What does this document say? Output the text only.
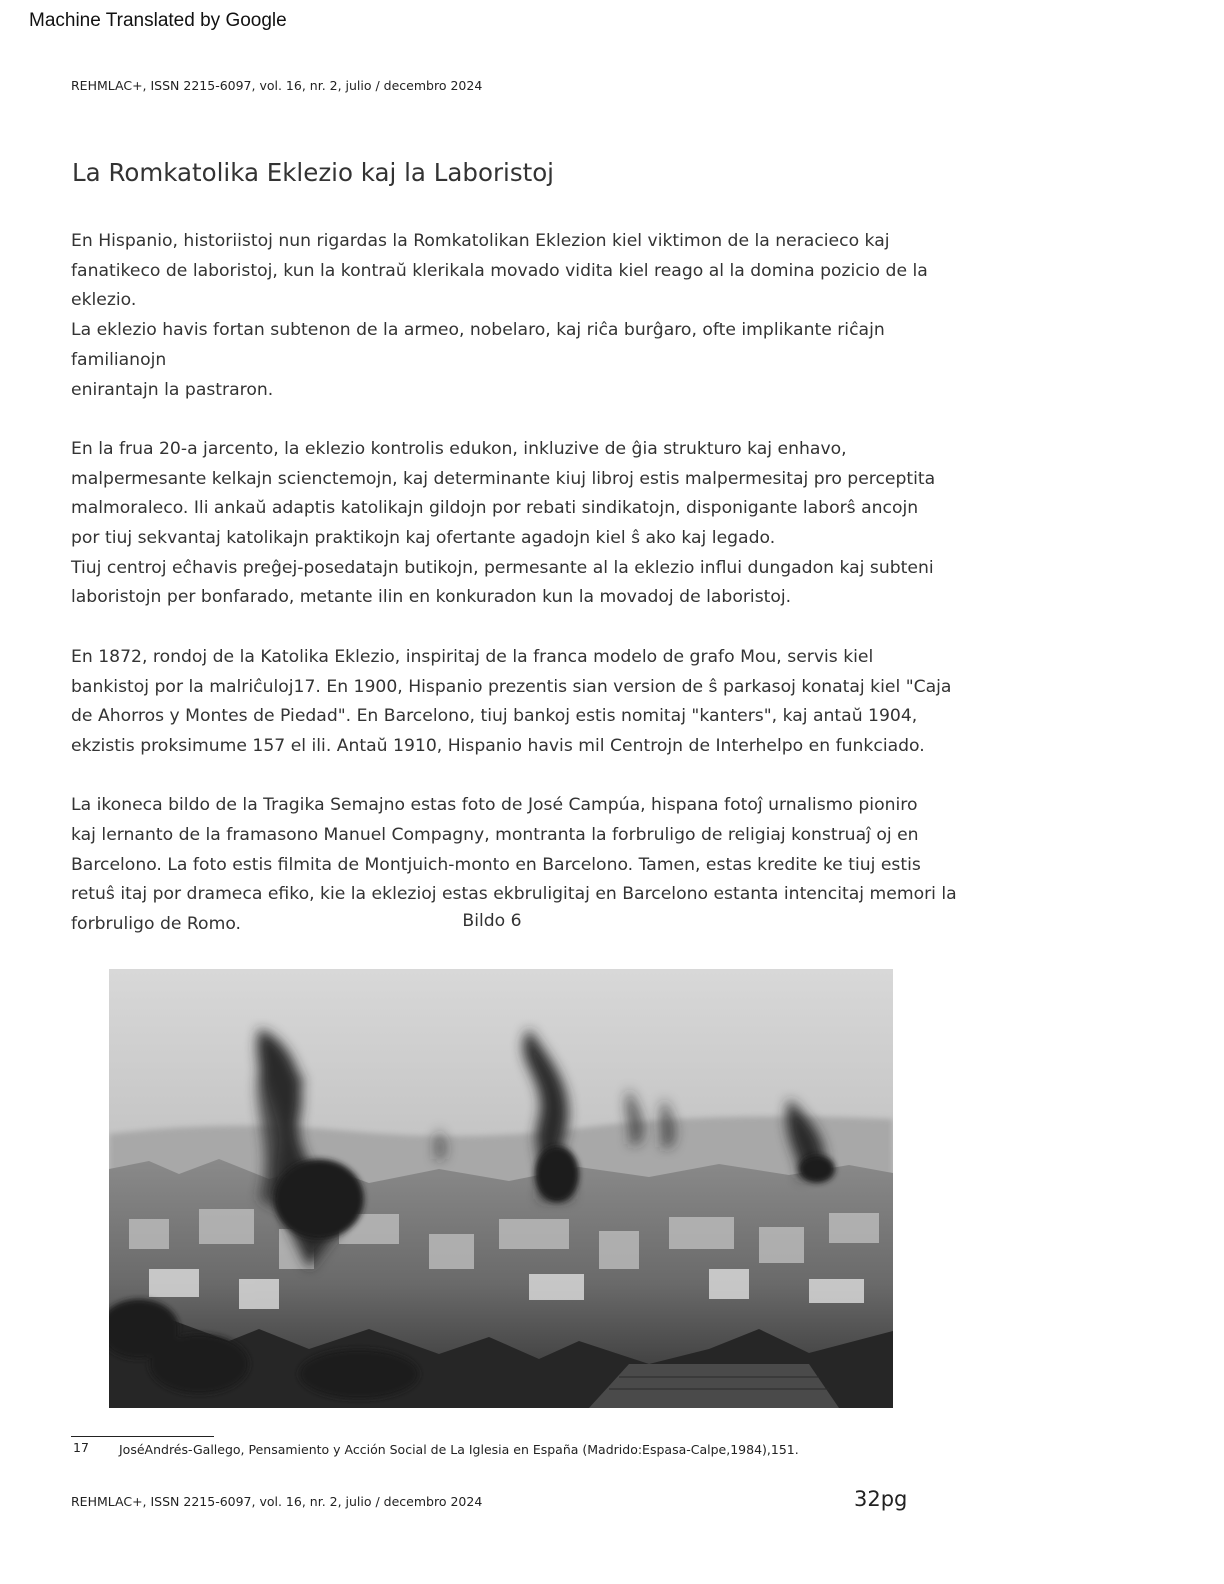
Machine Translated by Google
REHMLAC+, ISSN 2215-6097, vol. 16, nr. 2, julio / decembro 2024
La Romkatolika Eklezio kaj la Laboristoj

En Hispanio, historiistoj nun rigardas la Romkatolikan Eklezion kiel viktimon de la neracieco kaj
fanatikeco de laboristoj, kun la kontraŭ klerikala movado vidita kiel reago al la domina pozicio de la eklezio.
La eklezio havis fortan subtenon de la armeo, nobelaro, kaj riĉa burĝaro, ofte implikante riĉajn familianojn
enirantajn la pastraron.

En la frua 20-a jarcento, la eklezio kontrolis edukon, inkluzive de ĝia strukturo kaj enhavo,
malpermesante kelkajn scienctemojn, kaj determinante kiuj libroj estis malpermesitaj pro perceptita
malmoraleco. Ili ankaŭ adaptis katolikajn gildojn por rebati sindikatojn, disponigante laborŝ ancojn
por tiuj sekvantaj katolikajn praktikojn kaj ofertante agadojn kiel ŝ ako kaj legado.
Tiuj centroj eĉhavis preĝej-posedatajn butikojn, permesante al la eklezio influi dungadon kaj subteni
laboristojn per bonfarado, metante ilin en konkuradon kun la movadoj de laboristoj.

En 1872, rondoj de la Katolika Eklezio, inspiritaj de la franca modelo de grafo Mou, servis kiel
bankistoj por la malriĉuloj17. En 1900, Hispanio prezentis sian version de ŝ parkasoj konataj kiel "Caja
de Ahorros y Montes de Piedad". En Barcelono, tiuj bankoj estis nomitaj "kanters", kaj antaŭ 1904,
ekzistis proksimume 157 el ili. Antaŭ 1910, Hispanio havis mil Centrojn de Interhelpo en funkciado.

La ikoneca bildo de la Tragika Semajno estas foto de José Campúa, hispana fotoĵ urnalismo pioniro
kaj lernanto de la framasono Manuel Compagny, montranta la forbruligo de religiaj konstruaĵ oj en
Barcelono. La foto estis filmita de Montjuich-monto en Barcelono. Tamen, estas kredite ke tiuj estis
retuŝ itaj por drameca efiko, kie la eklezioj estas ekbruligitaj en Barcelono estanta intencitaj memori la
forbruligo de Romo.	Bildo 6
17 JoséAndrés-Gallego, Pensamiento y Acción Social de La Iglesia en España (Madrido:Espasa-Calpe,1984),151.
REHMLAC+, ISSN 2215-6097, vol. 16, nr. 2, julio / decembro 2024	32pg
